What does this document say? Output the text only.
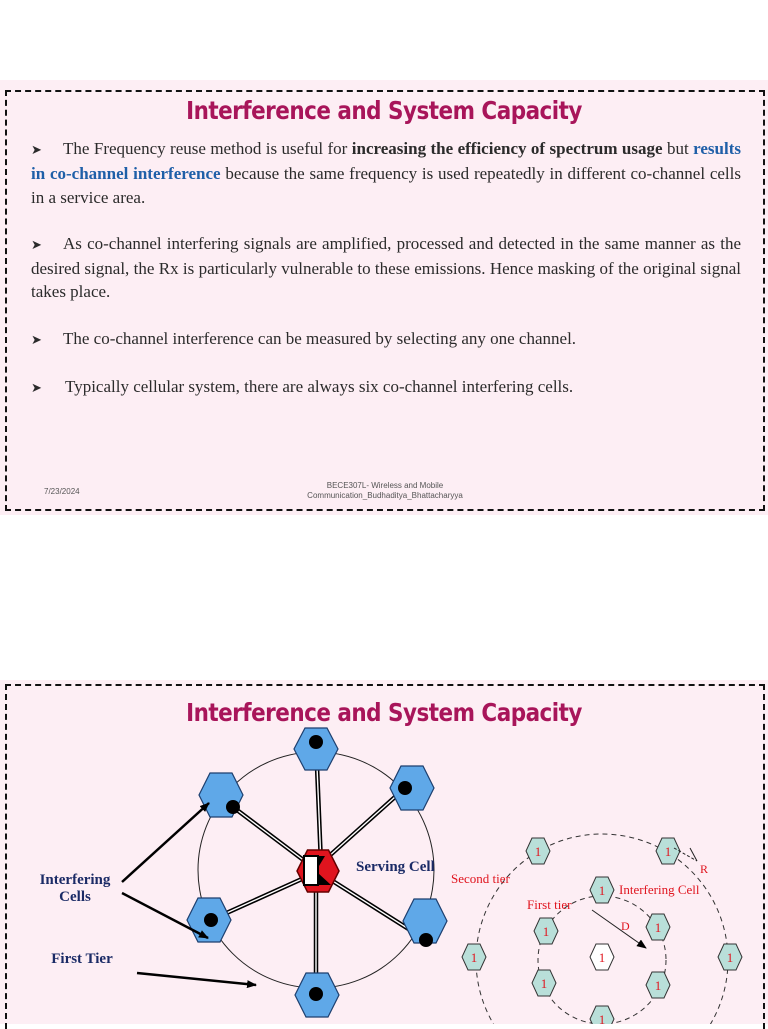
Interference and System Capacity

➤ The Frequency reuse method is useful for increasing the efficiency of spectrum usage but results in co-channel interference because the same frequency is used repeatedly in different co-channel cells in a service area.

➤ As co-channel interfering signals are amplified, processed and detected in the same manner as the desired signal, the Rx is particularly vulnerable to these emissions. Hence masking of the original signal takes place.

➤ The co-channel interference can be measured by selecting any one channel.

➤ Typically cellular system, there are always six co-channel interfering cells.

7/23/2024
BECE307L- Wireless and Mobile
Communication_Budhaditya_Bhattacharyya
Interference and System Capacity
Interfering
Cells
First Tier
Serving Cell
1
1
1
1
1	1
1
1	1
1	1
Second tier
First tier
Interfering Cell
R
D
